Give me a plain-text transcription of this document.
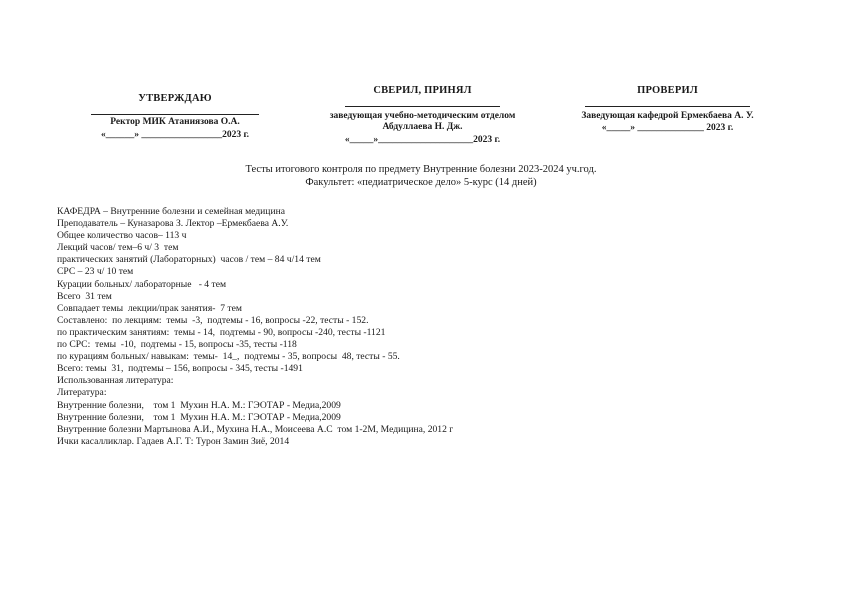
УТВЕРЖДАЮ
Ректор МИК Атаниязова О.А.
«______» _________________2023 г.
СВЕРИЛ, ПРИНЯЛ
заведующая учебно-методическим отделом
Абдуллаева Н. Дж.
«_____»____________________2023 г.
ПРОВЕРИЛ
Заведующая кафедрой Ермекбаева А. У.
«_____» ______________ 2023 г.
Тесты итогового контроля по предмету Внутренние болезни 2023-2024 уч.год.
Факультет: «педиатрическое дело» 5-курс (14 дней)
КАФЕДРА – Внутренние болезни и семейная медицина
Преподаватель – Куназарова З. Лектор –Ермекбаева А.У.
Общее количество часов– 113 ч
Лекций часов/ тем–6 ч/ 3  тем
практических занятий (Лабораторных)  часов / тем – 84 ч/14 тем
СРС – 23 ч/ 10 тем
Курации больных/ лабораторные   - 4 тем
Всего  31 тем
Совпадает темы  лекции/прак занятия-  7 тем
Составлено:  по лекциям:  темы  -3,  подтемы - 16, вопросы -22, тесты - 152.
по практическим занятиям:  темы - 14,  подтемы - 90, вопросы -240, тесты -1121
по СРС:  темы  -10,  подтемы - 15, вопросы -35, тесты -118
по курациям больных/ навыкам:  темы-  14_,  подтемы - 35, вопросы  48, тесты - 55.
Всего: темы  31,  подтемы – 156, вопросы - 345, тесты -1491
Использованная литература:
Литература:
Внутренние болезни,    том 1  Мухин Н.А. М.: ГЭОТАР - Медиа,2009
Внутренние болезни,    том 1  Мухин Н.А. М.: ГЭОТАР - Медиа,2009
Внутренние болезни Мартынова А.И., Мухина Н.А., Моисеева А.С  том 1-2М, Медицина, 2012 г
Ички касалликлар. Гадаев А.Г. Т: Турон Замин Зиё, 2014
